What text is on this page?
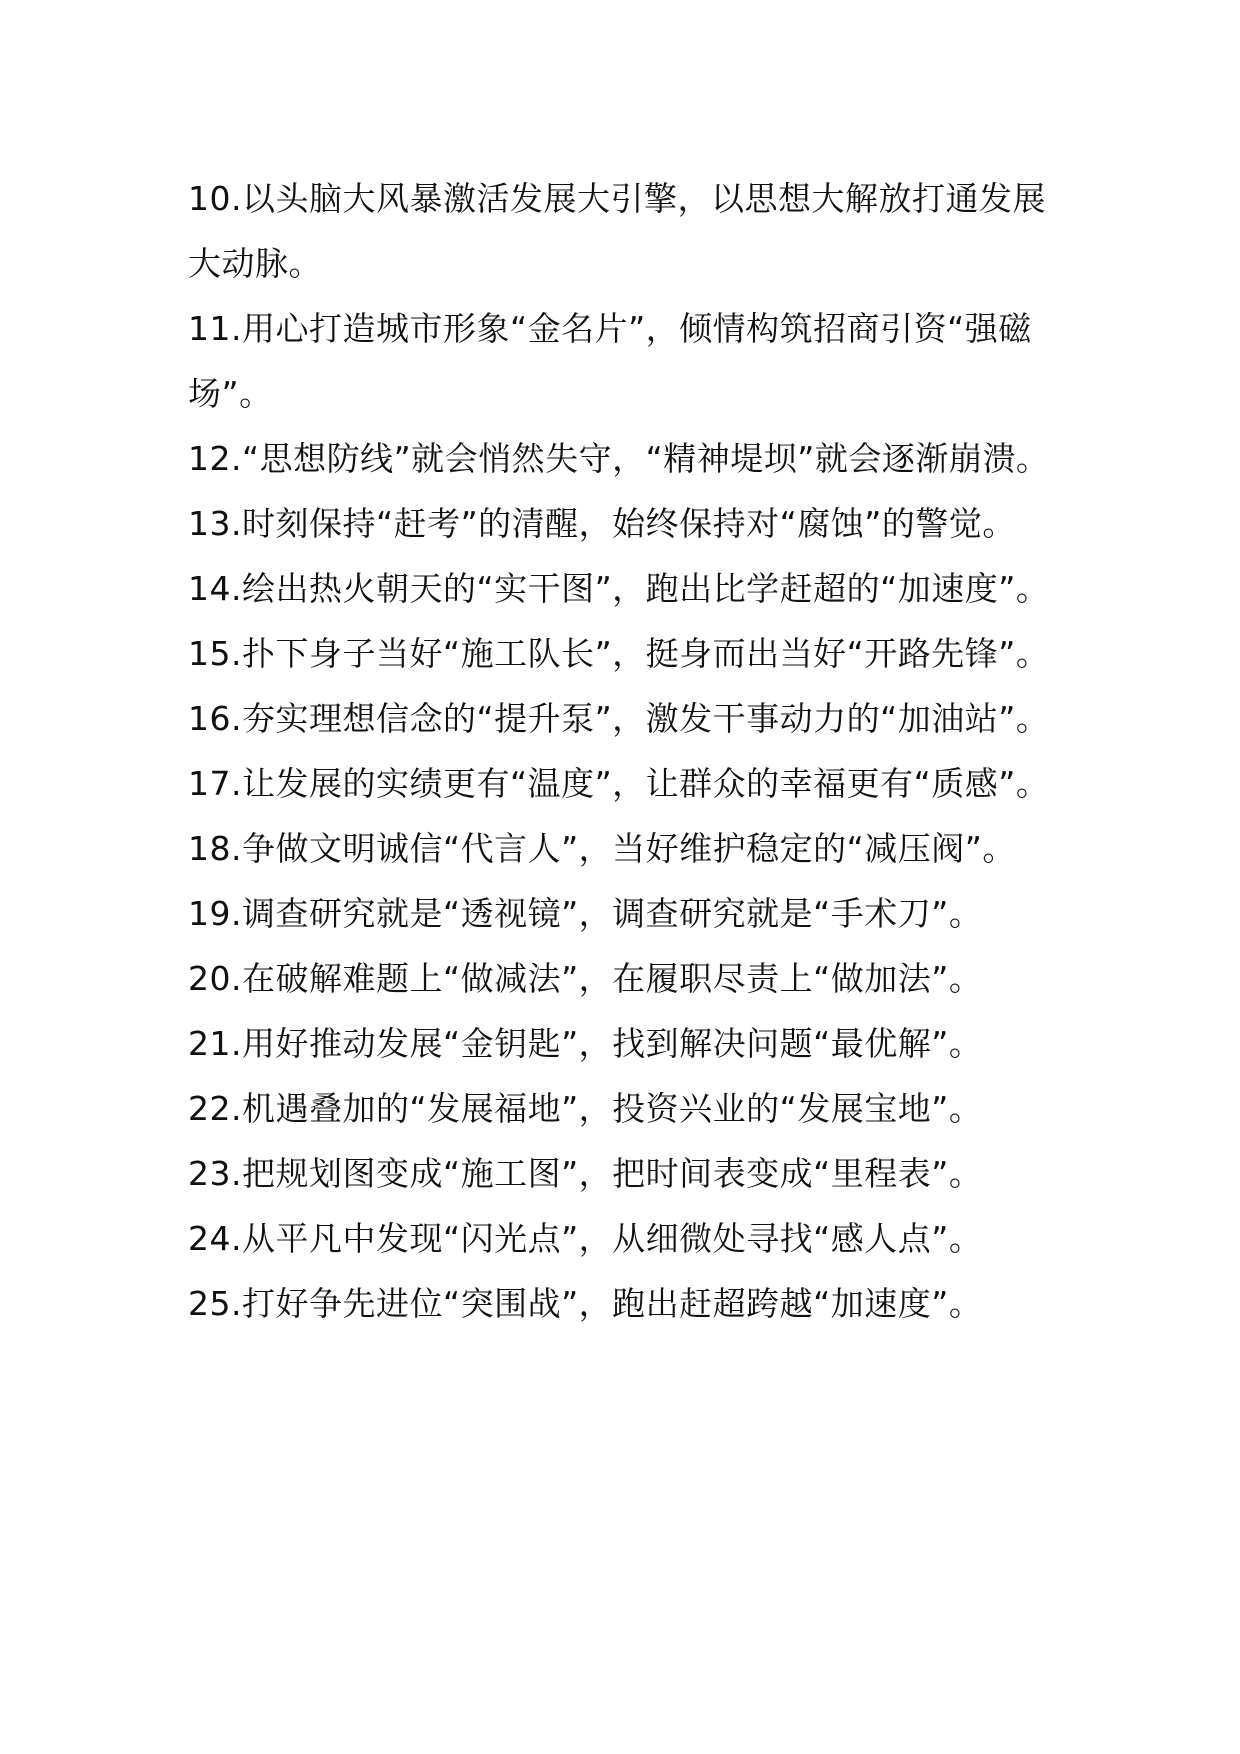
10.以头脑大风暴激活发展大引擎，以思想大解放打通发展大动脉。

11.用心打造城市形象“金名片”，倾情构筑招商引资“强磁场”。

12.“思想防线”就会悄然失守，“精神堤坝”就会逐渐崩溃。

13.时刻保持“赶考”的清醒，始终保持对“腐蚀”的警觉。

14.绘出热火朝天的“实干图”，跑出比学赶超的“加速度”。

15.扑下身子当好“施工队长”，挺身而出当好“开路先锋”。

16.夯实理想信念的“提升泵”，激发干事动力的“加油站”。

17.让发展的实绩更有“温度”，让群众的幸福更有“质感”。

18.争做文明诚信“代言人”，当好维护稳定的“减压阀”。

19.调查研究就是“透视镜”，调查研究就是“手术刀”。

20.在破解难题上“做减法”，在履职尽责上“做加法”。

21.用好推动发展“金钥匙”，找到解决问题“最优解”。

22.机遇叠加的“发展福地”，投资兴业的“发展宝地”。

23.把规划图变成“施工图”，把时间表变成“里程表”。

24.从平凡中发现“闪光点”，从细微处寻找“感人点”。

25.打好争先进位“突围战”，跑出赶超跨越“加速度”。
